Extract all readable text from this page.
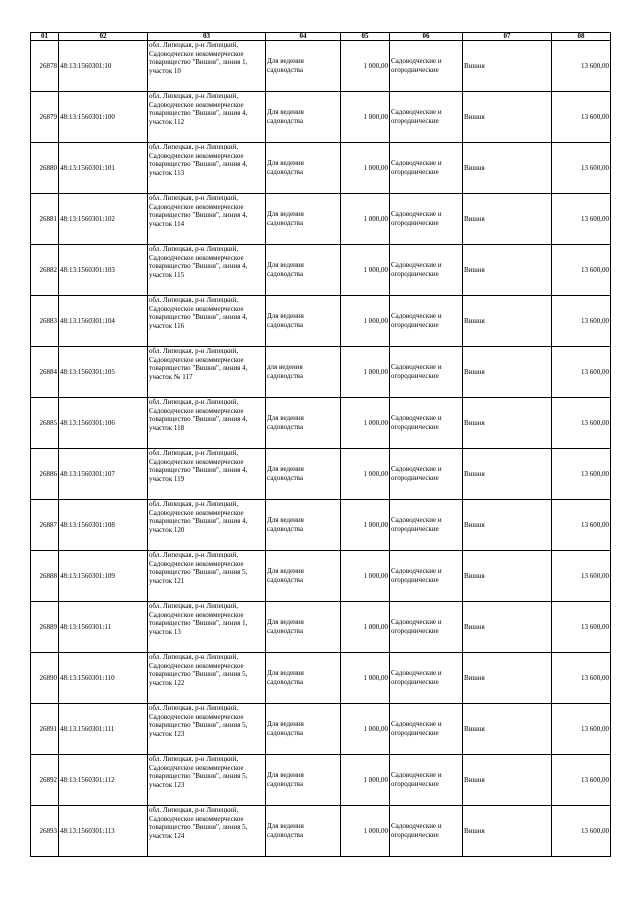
01	02	03	04	05	06	07	08
26878	48:13:1560301:10	обл. Липецкая, р-н Липецкий, Садоводческое некоммерческое товарищество "Вишня", линия 1, участок 10	Для ведения садоводства	1 000,00	Садоводческие и огороднические	Вишня	13 600,00
26879	48:13:1560301:100	обл. Липецкая, р-н Липецкий, Садоводческое некоммерческое товарищество "Вишня", линия 4, участок 112	Для ведения садоводства	1 000,00	Садоводческие и огороднические	Вишня	13 600,00
26880	48:13:1560301:101	обл. Липецкая, р-н Липецкий, Садоводческое некоммерческое товарищество "Вишня", линия 4, участок 113	Для ведения садоводства	1 000,00	Садоводческие и огороднические	Вишня	13 600,00
26881	48:13:1560301:102	обл. Липецкая, р-н Липецкий, Садоводческое некоммерческое товарищество "Вишня", линия 4, участок 114	Для ведения садоводства	1 000,00	Садоводческие и огороднические	Вишня	13 600,00
26882	48:13:1560301:103	обл. Липецкая, р-н Липецкий, Садоводческое некоммерческое товарищество "Вишня", линия 4, участок 115	Для ведения садоводства	1 000,00	Садоводческие и огороднические	Вишня	13 600,00
26883	48:13:1560301:104	обл. Липецкая, р-н Липецкий, Садоводческое некоммерческое товарищество "Вишня", линия 4, участок 116	Для ведения садоводства	1 000,00	Садоводческие и огороднические	Вишня	13 600,00
26884	48:13:1560301:105	обл. Липецкая, р-н Липецкий, Садоводческое некоммерческое товарищество "Вишня", линия 4, участок № 117	для ведения садоводства	1 000,00	Садоводческие и огороднические	Вишня	13 600,00
26885	48:13:1560301:106	обл. Липецкая, р-н Липецкий, Садоводческое некоммерческое товарищество "Вишня", линия 4, участок 118	Для ведения садоводства	1 000,00	Садоводческие и огороднические	Вишня	13 600,00
26886	48:13:1560301:107	обл. Липецкая, р-н Липецкий, Садоводческое некоммерческое товарищество "Вишня", линия 4, участок 119	Для ведения садоводства	1 000,00	Садоводческие и огороднические	Вишня	13 600,00
26887	48:13:1560301:108	обл. Липецкая, р-н Липецкий, Садоводческое некоммерческое товарищество "Вишня", линия 4, участок 120	Для ведения садоводства	1 000,00	Садоводческие и огороднические	Вишня	13 600,00
26888	48:13:1560301:109	обл. Липецкая, р-н Липецкий, Садоводческое некоммерческое товарищество "Вишня", линия 5, участок 121	Для ведения садоводства	1 000,00	Садоводческие и огороднические	Вишня	13 600,00
26889	48:13:1560301:11	обл. Липецкая, р-н Липецкий, Садоводческое некоммерческое товарищество "Вишня", линия 1, участок 13	Для ведения садоводства	1 000,00	Садоводческие и огороднические	Вишня	13 600,00
26890	48:13:1560301:110	обл. Липецкая, р-н Липецкий, Садоводческое некоммерческое товарищество "Вишня", линия 5, участок 122	Для ведения садоводства	1 000,00	Садоводческие и огороднические	Вишня	13 600,00
26891	48:13:1560301:111	обл. Липецкая, р-н Липецкий, Садоводческое некоммерческое товарищество "Вишня", линия 5, участок 123	Для ведения садоводства	1 000,00	Садоводческие и огороднические	Вишня	13 600,00
26892	48:13:1560301:112	обл. Липецкая, р-н Липецкий, Садоводческое некоммерческое товарищество "Вишня", линия 5, участок 123	Для ведения садоводства	1 000,00	Садоводческие и огороднические	Вишня	13 600,00
26893	48:13:1560301:113	обл. Липецкая, р-н Липецкий, Садоводческое некоммерческое товарищество "Вишня", линия 5, участок 124	Для ведения садоводства	1 000,00	Садоводческие и огороднические	Вишня	13 600,00
